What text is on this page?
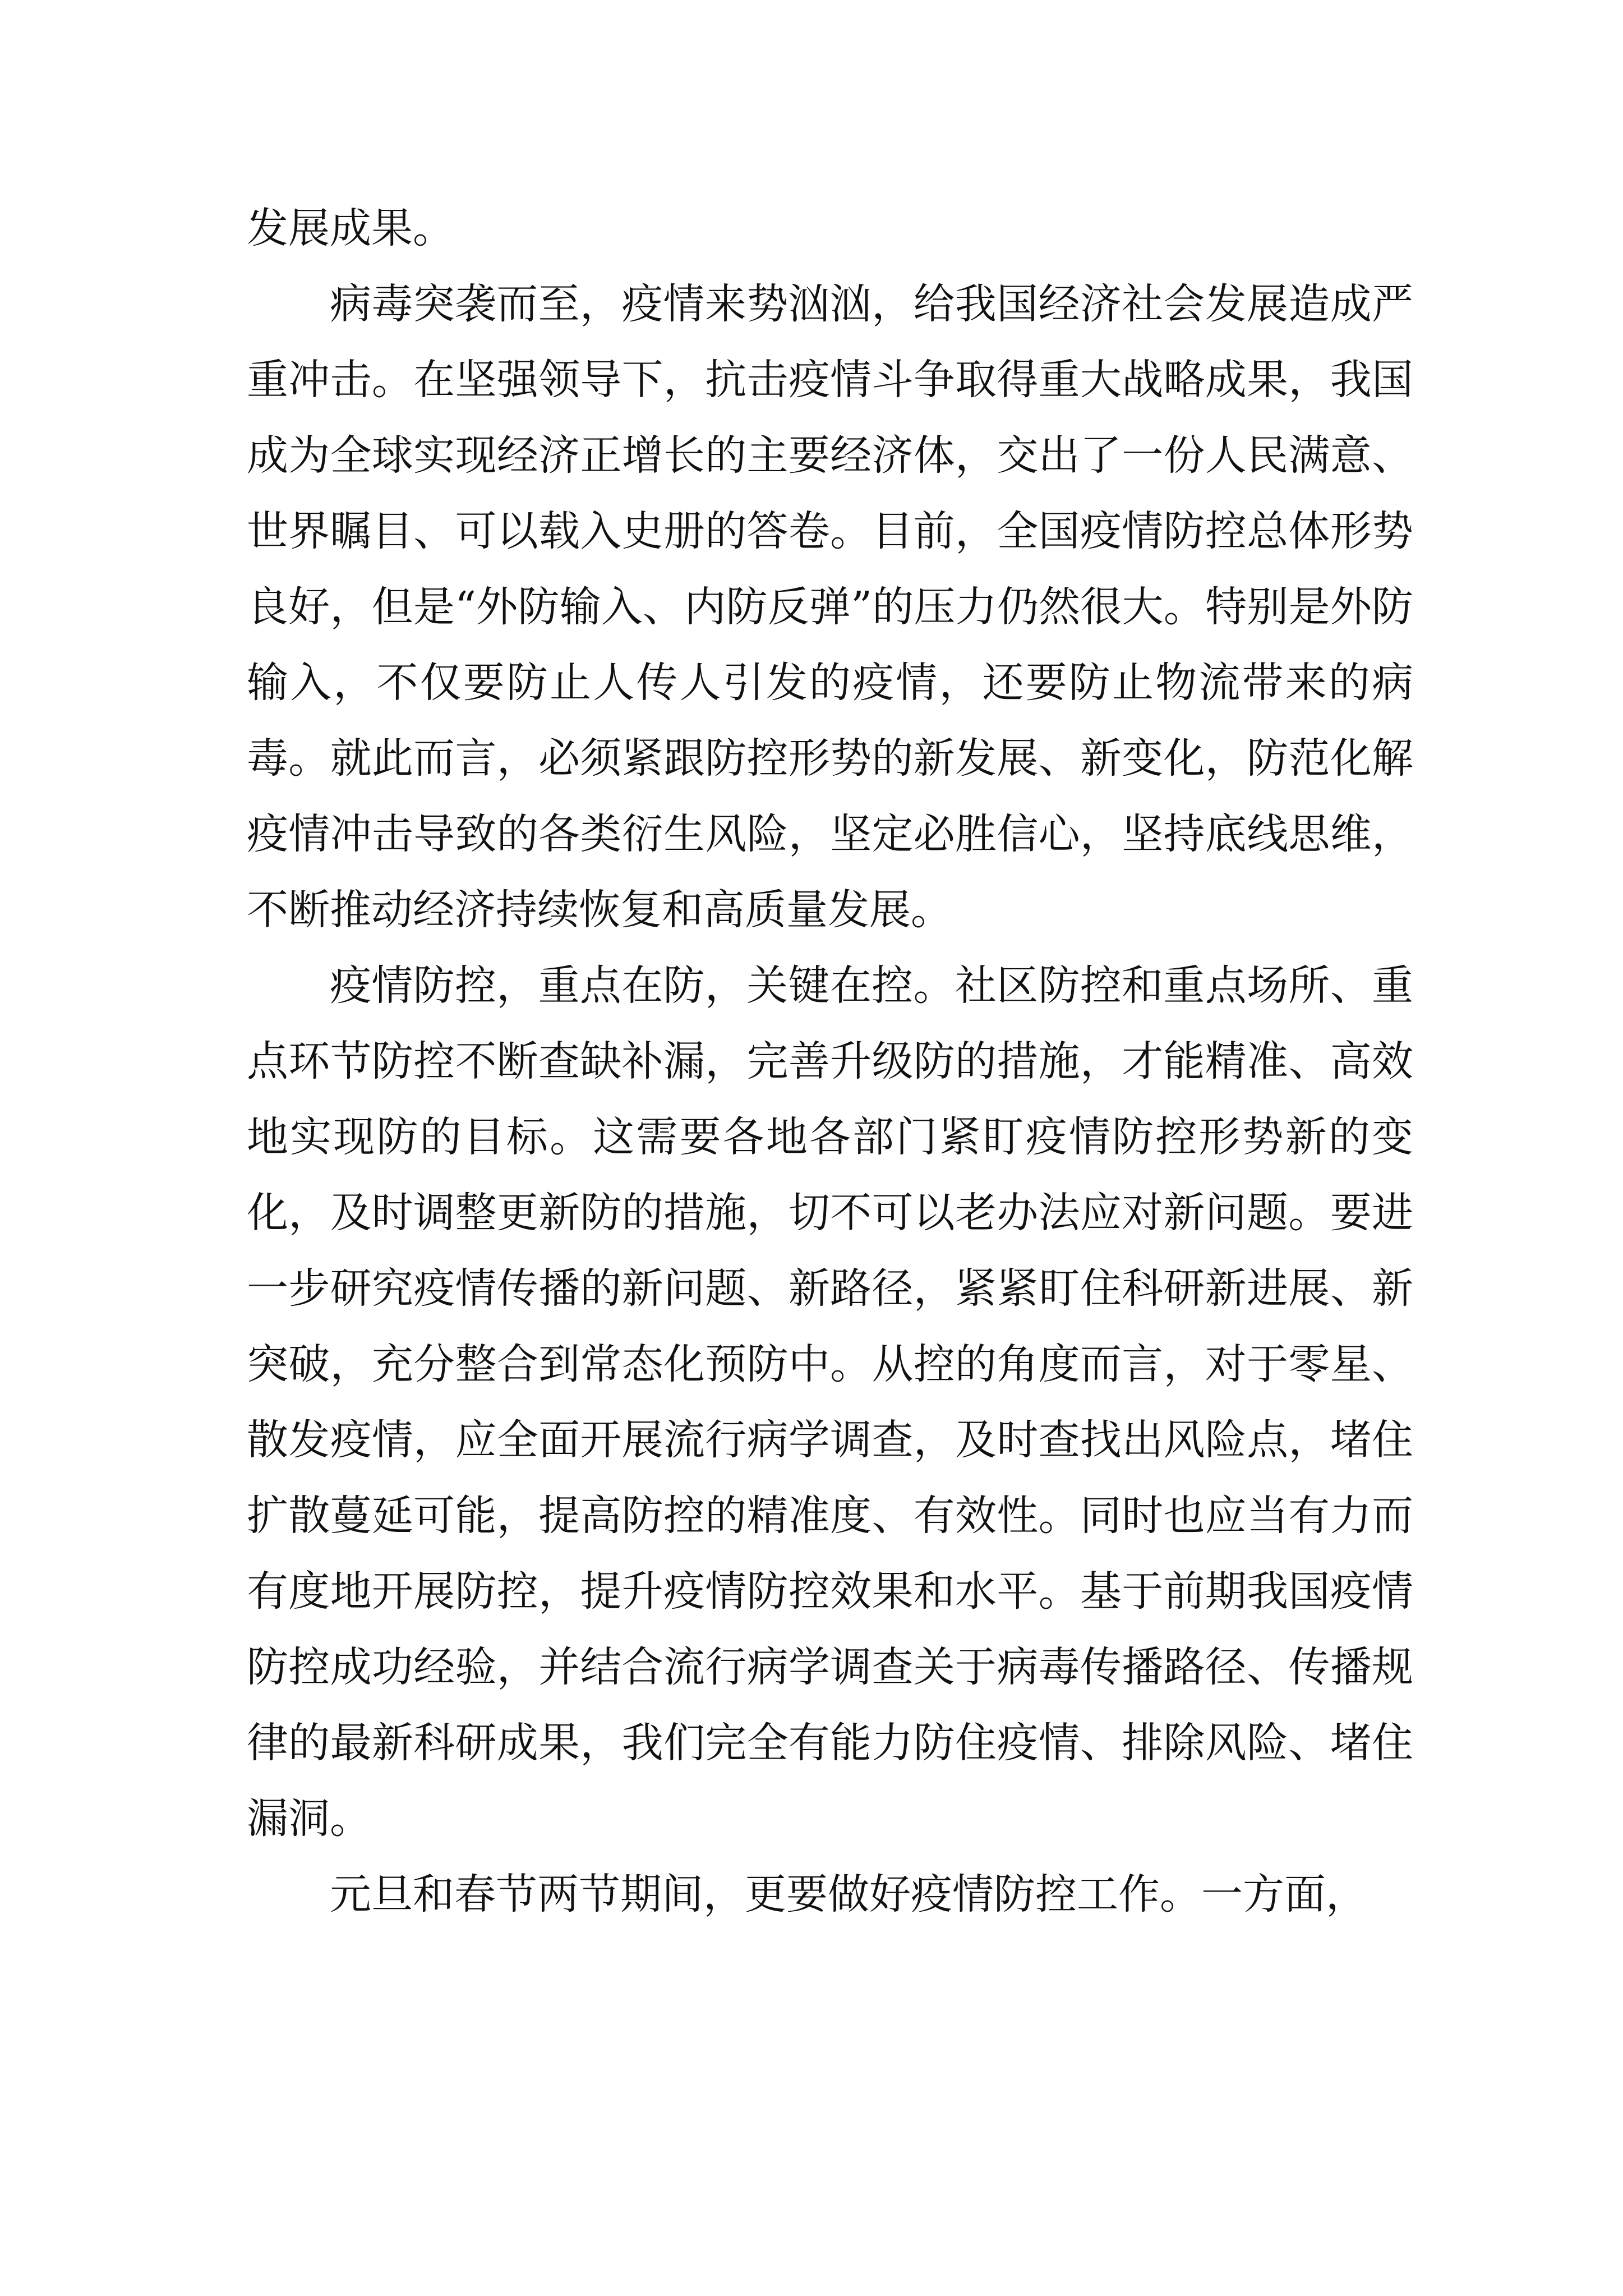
发展成果。

病毒突袭而至，疫情来势汹汹，给我国经济社会发展造成严重冲击。在坚强领导下，抗击疫情斗争取得重大战略成果，我国成为全球实现经济正增长的主要经济体，交出了一份人民满意、世界瞩目、可以载入史册的答卷。目前，全国疫情防控总体形势良好，但是“外防输入、内防反弹”的压力仍然很大。特别是外防输入，不仅要防止人传人引发的疫情，还要防止物流带来的病毒。就此而言，必须紧跟防控形势的新发展、新变化，防范化解疫情冲击导致的各类衍生风险，坚定必胜信心，坚持底线思维，不断推动经济持续恢复和高质量发展。

疫情防控，重点在防，关键在控。社区防控和重点场所、重点环节防控不断查缺补漏，完善升级防的措施，才能精准、高效地实现防的目标。这需要各地各部门紧盯疫情防控形势新的变化，及时调整更新防的措施，切不可以老办法应对新问题。要进一步研究疫情传播的新问题、新路径，紧紧盯住科研新进展、新突破，充分整合到常态化预防中。从控的角度而言，对于零星、散发疫情，应全面开展流行病学调查，及时查找出风险点，堵住扩散蔓延可能，提高防控的精准度、有效性。同时也应当有力而有度地开展防控，提升疫情防控效果和水平。基于前期我国疫情防控成功经验，并结合流行病学调查关于病毒传播路径、传播规律的最新科研成果，我们完全有能力防住疫情、排除风险、堵住漏洞。

元旦和春节两节期间，更要做好疫情防控工作。一方面，
